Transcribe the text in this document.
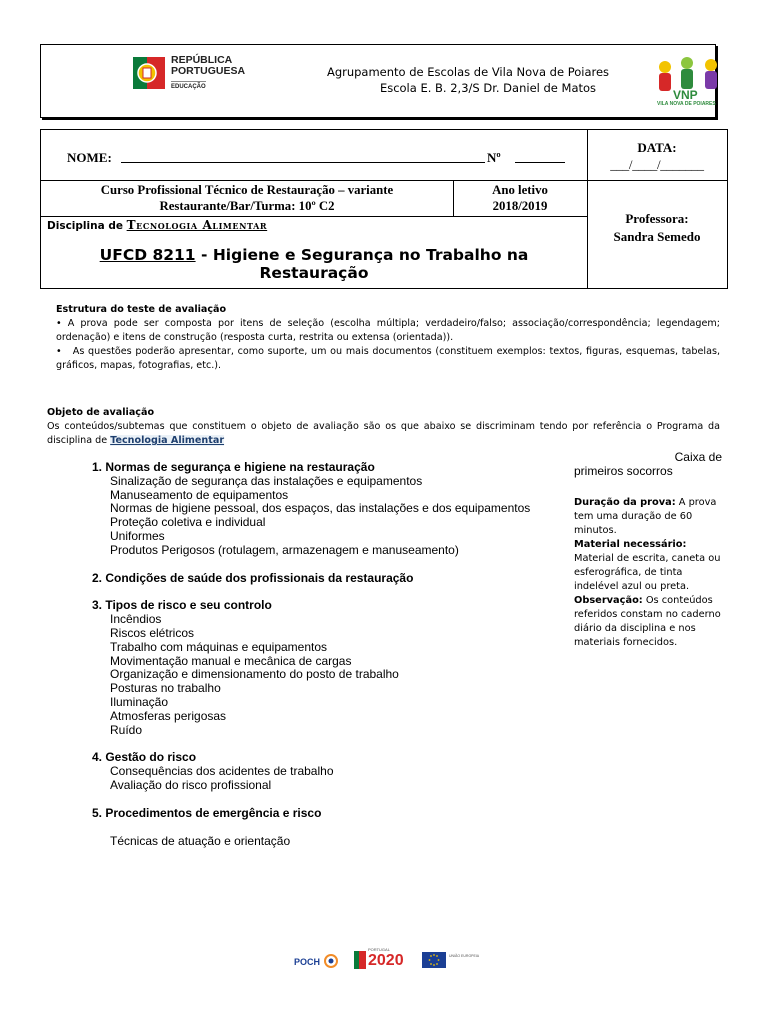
REPÚBLICA
PORTUGUESA
EDUCAÇÃO
Agrupamento de Escolas de Vila Nova de Poiares
Escola E. B. 2,3/S Dr. Daniel de Matos	VNP
VILA NOVA DE POIARES
NOME:	Nº
DATA:
___/____/_______
Curso Profissional Técnico de Restauração – variante
Restaurante/Bar/Turma: 10º C2
Ano letivo
2018/2019
Disciplina de Tecnologia Alimentar
UFCD 8211 - Higiene e Segurança no Trabalho na
Restauração
Professora:
Sandra Semedo
Estrutura do teste de avaliação
• A prova pode ser composta por itens de seleção (escolha múltipla; verdadeiro/falso; associação/correspondência; legendagem; ordenação) e itens de construção (resposta curta, restrita ou extensa (orientada)).
•   As questões poderão apresentar, como suporte, um ou mais documentos (constituem exemplos: textos, figuras, esquemas, tabelas, gráficos, mapas, fotografias, etc.).
Objeto de avaliação
Os conteúdos/subtemas que constituem o objeto de avaliação são os que abaixo se discriminam tendo por referência o Programa da disciplina de Tecnologia Alimentar
1. Normas de segurança e higiene na restauração
Sinalização de segurança das instalações e equipamentos
Manuseamento de equipamentos
Normas de higiene pessoal, dos espaços, das instalações e dos equipamentos
Proteção coletiva e individual
Uniformes
Produtos Perigosos (rotulagem, armazenagem e manuseamento)
2. Condições de saúde dos profissionais da restauração
3. Tipos de risco e seu controlo
Incêndios
Riscos elétricos
Trabalho com máquinas e equipamentos
Movimentação manual e mecânica de cargas
Organização e dimensionamento do posto de trabalho
Posturas no trabalho
Iluminação
Atmosferas perigosas
Ruído
4. Gestão do risco
Consequências dos acidentes de trabalho
Avaliação do risco profissional
5. Procedimentos de emergência e risco
Técnicas de atuação e orientação
Caixa de
primeiros socorros
Duração da prova: A prova tem uma duração de 60 minutos.
Material necessário:
Material de escrita, caneta ou esferográfica, de tinta indelével azul ou preta.
Observação: Os conteúdos referidos constam no caderno diário da disciplina e nos materiais fornecidos.
POCH
PORTUGAL
2020	UNIÃO EUROPEIA
